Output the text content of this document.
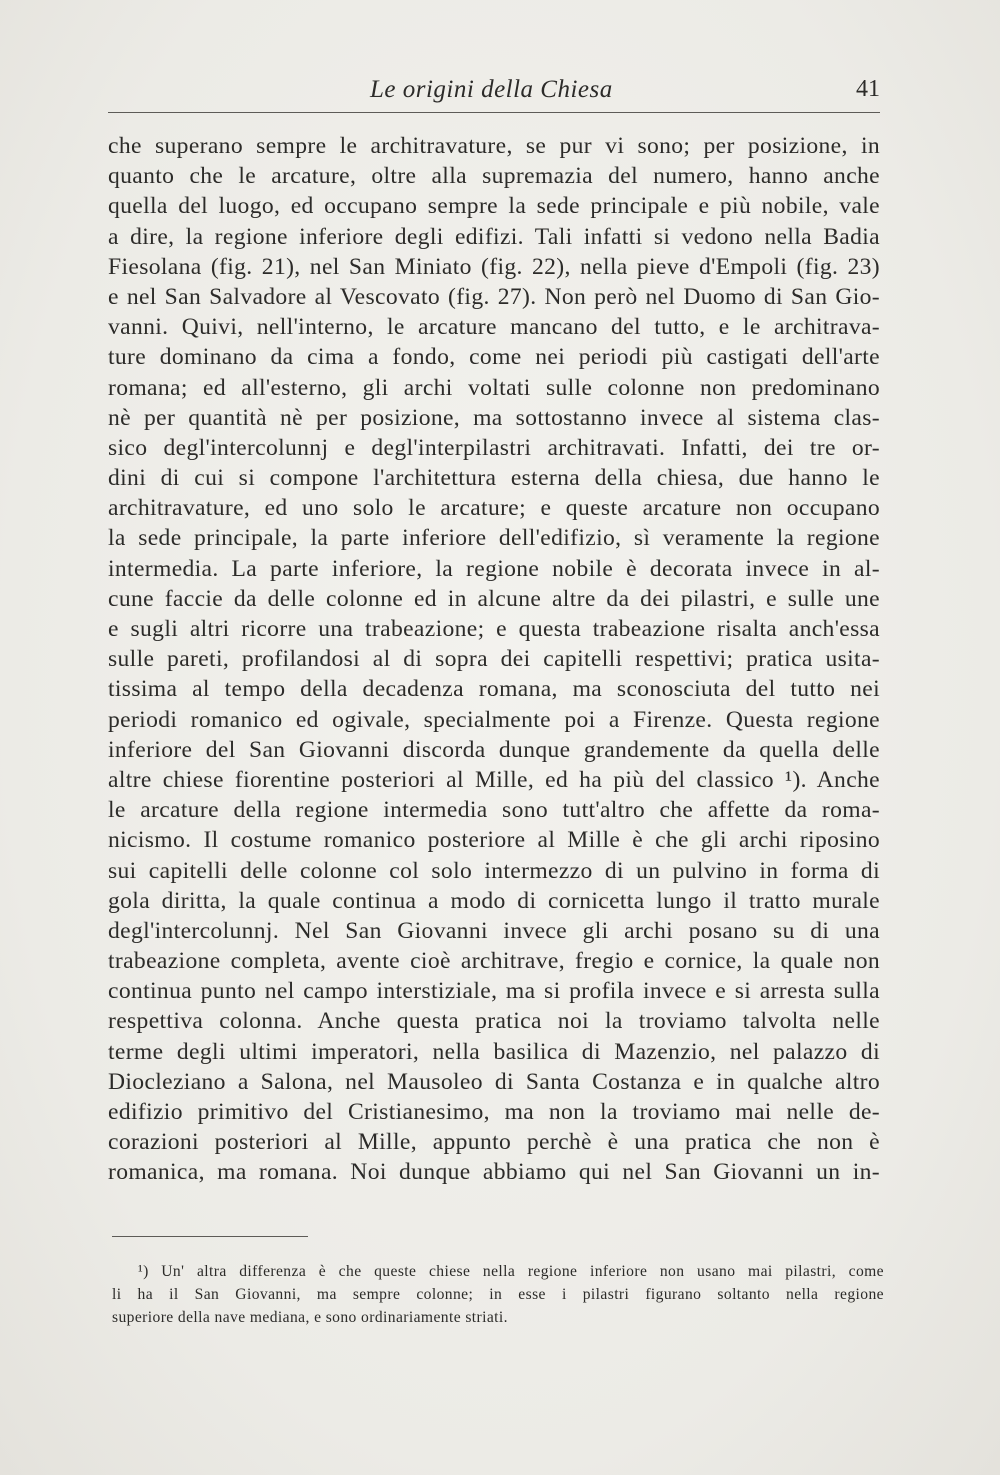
Le origini della Chiesa	41
che superano sempre le architravature, se pur vi sono; per posizione, in
quanto che le arcature, oltre alla supremazia del numero, hanno anche
quella del luogo, ed occupano sempre la sede principale e più nobile, vale
a dire, la regione inferiore degli edifizi. Tali infatti si vedono nella Badia
Fiesolana (fig. 21), nel San Miniato (fig. 22), nella pieve d'Empoli (fig. 23)
e nel San Salvadore al Vescovato (fig. 27). Non però nel Duomo di San Gio-
vanni. Quivi, nell'interno, le arcature mancano del tutto, e le architrava-
ture dominano da cima a fondo, come nei periodi più castigati dell'arte
romana; ed all'esterno, gli archi voltati sulle colonne non predominano
nè per quantità nè per posizione, ma sottostanno invece al sistema clas-
sico degl'intercolunnj e degl'interpilastri architravati. Infatti, dei tre or-
dini di cui si compone l'architettura esterna della chiesa, due hanno le
architravature, ed uno solo le arcature; e queste arcature non occupano
la sede principale, la parte inferiore dell'edifizio, sì veramente la regione
intermedia. La parte inferiore, la regione nobile è decorata invece in al-
cune faccie da delle colonne ed in alcune altre da dei pilastri, e sulle une
e sugli altri ricorre una trabeazione; e questa trabeazione risalta anch'essa
sulle pareti, profilandosi al di sopra dei capitelli respettivi; pratica usita-
tissima al tempo della decadenza romana, ma sconosciuta del tutto nei
periodi romanico ed ogivale, specialmente poi a Firenze. Questa regione
inferiore del San Giovanni discorda dunque grandemente da quella delle
altre chiese fiorentine posteriori al Mille, ed ha più del classico ¹). Anche
le arcature della regione intermedia sono tutt'altro che affette da roma-
nicismo. Il costume romanico posteriore al Mille è che gli archi riposino
sui capitelli delle colonne col solo intermezzo di un pulvino in forma di
gola diritta, la quale continua a modo di cornicetta lungo il tratto murale
degl'intercolunnj. Nel San Giovanni invece gli archi posano su di una
trabeazione completa, avente cioè architrave, fregio e cornice, la quale non
continua punto nel campo interstiziale, ma si profila invece e si arresta sulla
respettiva colonna. Anche questa pratica noi la troviamo talvolta nelle
terme degli ultimi imperatori, nella basilica di Mazenzio, nel palazzo di
Diocleziano a Salona, nel Mausoleo di Santa Costanza e in qualche altro
edifizio primitivo del Cristianesimo, ma non la troviamo mai nelle de-
corazioni posteriori al Mille, appunto perchè è una pratica che non è
romanica, ma romana. Noi dunque abbiamo qui nel San Giovanni un in-
¹) Un' altra differenza è che queste chiese nella regione inferiore non usano mai pilastri, come
li ha il San Giovanni, ma sempre colonne; in esse i pilastri figurano soltanto nella regione
superiore della nave mediana, e sono ordinariamente striati.
